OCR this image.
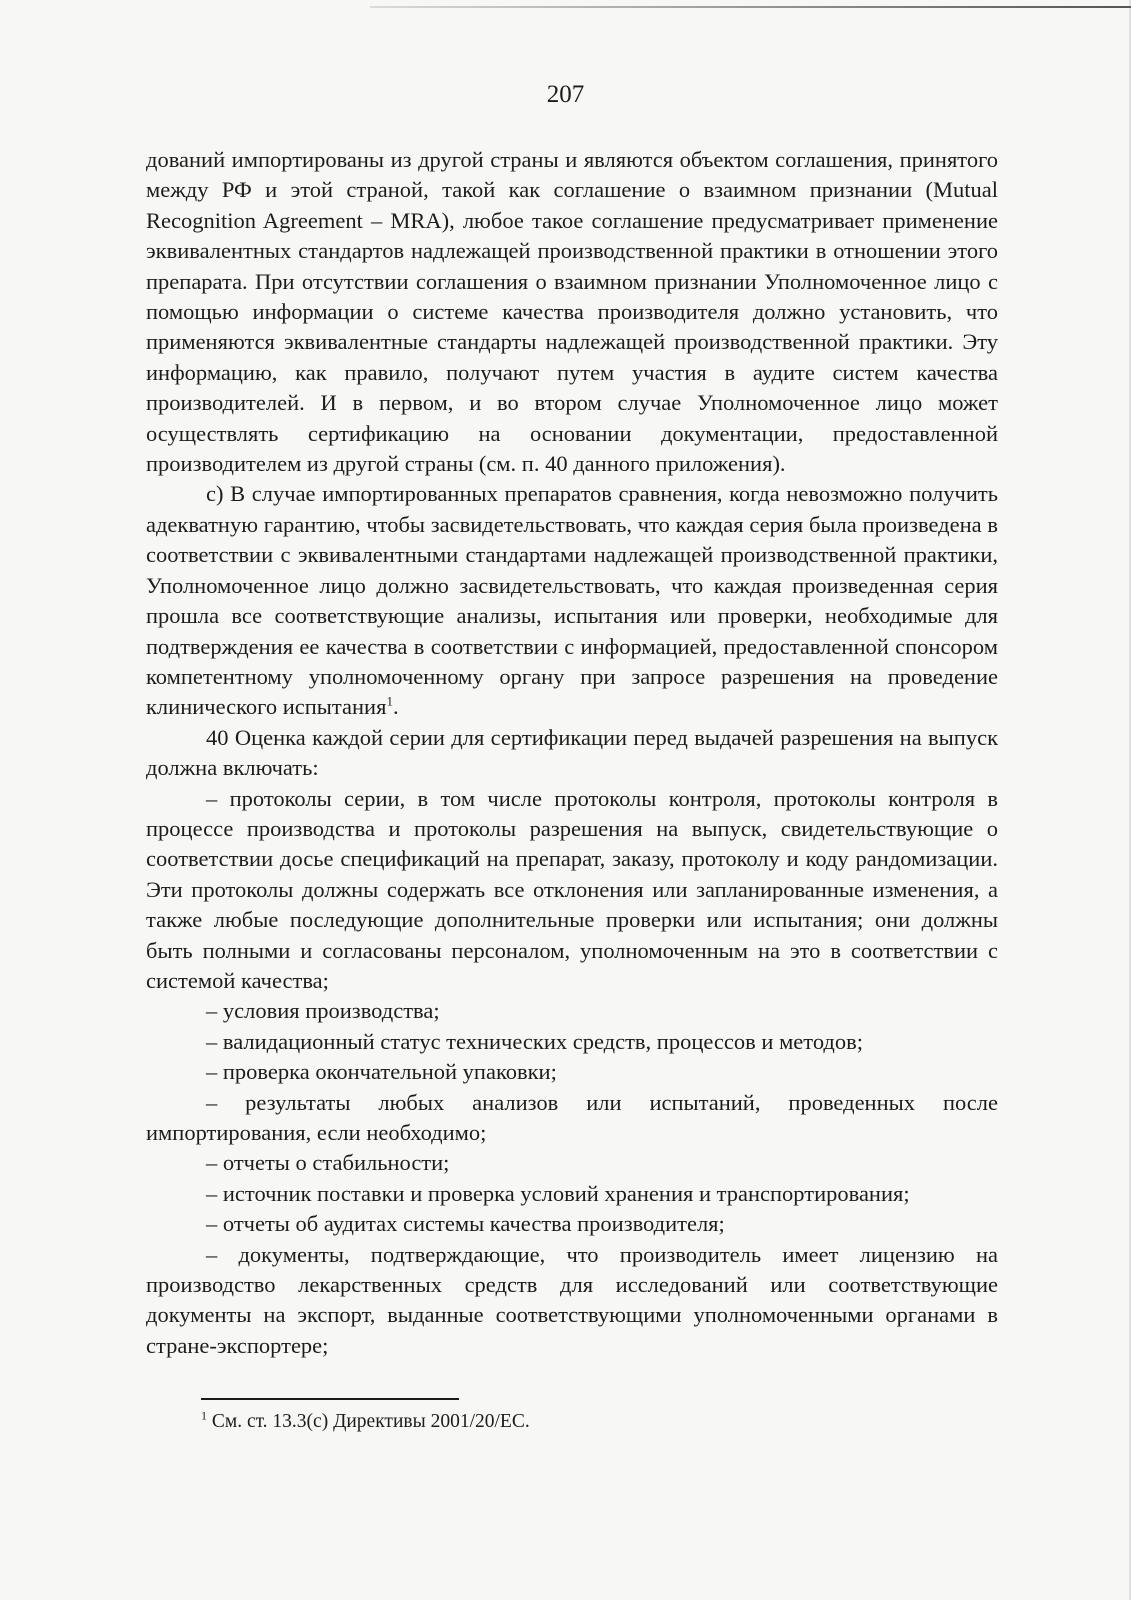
207

дований импортированы из другой страны и являются объектом соглашения, принятого между РФ и этой страной, такой как соглашение о взаимном признании (Mutual Recognition Agreement – MRA), любое такое соглашение предусматривает применение эквивалентных стандартов надлежащей производственной практики в отношении этого препарата. При отсутствии соглашения о взаимном признании Уполномоченное лицо с помощью информации о системе качества производителя должно установить, что применяются эквивалентные стандарты надлежащей производственной практики. Эту информацию, как правило, получают путем участия в аудите систем качества производителей. И в первом, и во втором случае Уполномоченное лицо может осуществлять сертификацию на основании документации, предоставленной производителем из другой страны (см. п. 40 данного приложения).

с) В случае импортированных препаратов сравнения, когда невозможно получить адекватную гарантию, чтобы засвидетельствовать, что каждая серия была произведена в соответствии с эквивалентными стандартами надлежащей производственной практики, Уполномоченное лицо должно засвидетельствовать, что каждая произведенная серия прошла все соответствующие анализы, испытания или проверки, необходимые для подтверждения ее качества в соответствии с информацией, предоставленной спонсором компетентному уполномоченному органу при запросе разрешения на проведение клинического испытания$^1$.

40 Оценка каждой серии для сертификации перед выдачей разрешения на выпуск должна включать:

– протоколы серии, в том числе протоколы контроля, протоколы контроля в процессе производства и протоколы разрешения на выпуск, свидетельствующие о соответствии досье спецификаций на препарат, заказу, протоколу и коду рандомизации. Эти протоколы должны содержать все отклонения или запланированные изменения, а также любые последующие дополнительные проверки или испытания; они должны быть полными и согласованы персоналом, уполномоченным на это в соответствии с системой качества;

– условия производства;

– валидационный статус технических средств, процессов и методов;

– проверка окончательной упаковки;

– результаты любых анализов или испытаний, проведенных после импортирования, если необходимо;

– отчеты о стабильности;

– источник поставки и проверка условий хранения и транспортирования;

– отчеты об аудитах системы качества производителя;

– документы, подтверждающие, что производитель имеет лицензию на производство лекарственных средств для исследований или соответствующие документы на экспорт, выданные соответствующими уполномоченными органами в стране-экспортере;

$^1$ См. ст. 13.3(c) Директивы 2001/20/ЕС.
